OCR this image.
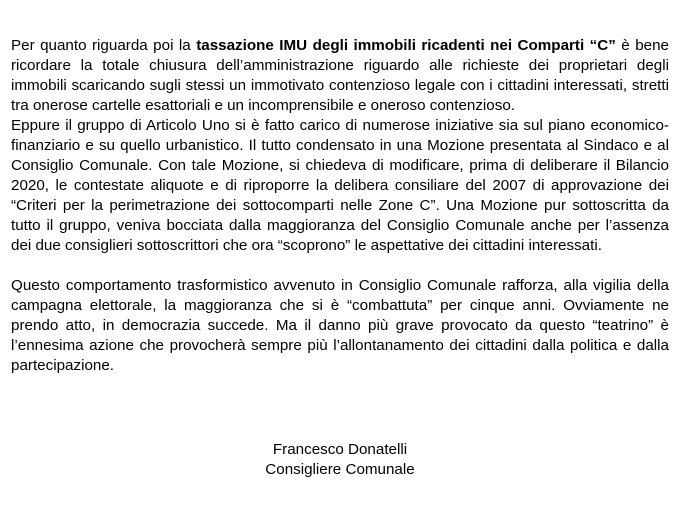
Per quanto riguarda poi la tassazione IMU degli immobili ricadenti nei Comparti “C” è bene ricordare la totale chiusura dell’amministrazione riguardo alle richieste dei proprietari degli immobili scaricando sugli stessi un immotivato contenzioso legale con i cittadini interessati, stretti tra onerose cartelle esattoriali e un incomprensibile e oneroso contenzioso.

Eppure il gruppo di Articolo Uno si è fatto carico di numerose iniziative sia sul piano economico-finanziario e su quello urbanistico. Il tutto condensato in una Mozione presentata al Sindaco e al Consiglio Comunale. Con tale Mozione, si chiedeva di modificare, prima di deliberare il Bilancio 2020, le contestate aliquote e di riproporre la delibera consiliare del 2007 di approvazione dei “Criteri per la perimetrazione dei sottocomparti nelle Zone C”. Una Mozione pur sottoscritta da tutto il gruppo, veniva bocciata dalla maggioranza del Consiglio Comunale anche per l’assenza dei due consiglieri sottoscrittori che ora “scoprono” le aspettative dei cittadini interessati.

Questo comportamento trasformistico avvenuto in Consiglio Comunale rafforza, alla vigilia della campagna elettorale, la maggioranza che si è “combattuta” per cinque anni. Ovviamente ne prendo atto, in democrazia succede. Ma il danno più grave provocato da questo “teatrino” è l’ennesima azione che provocherà sempre più l’allontanamento dei cittadini dalla politica e dalla partecipazione.

Francesco Donatelli
Consigliere Comunale
